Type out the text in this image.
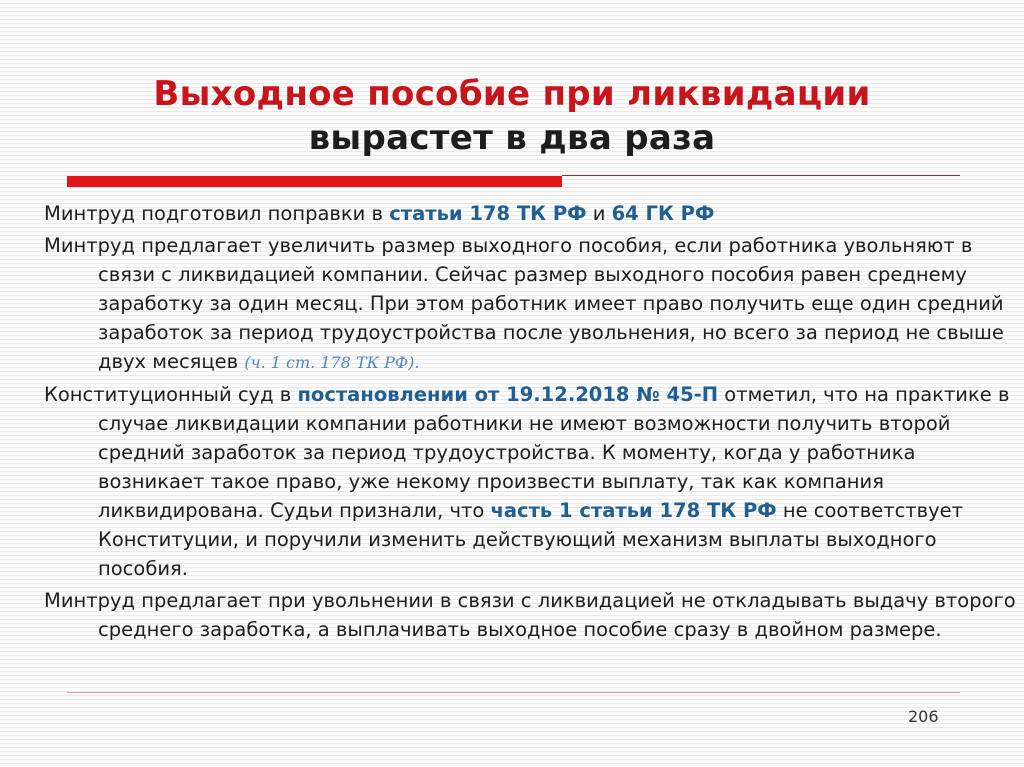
Выходное пособие при ликвидации
вырастет в два раза

Минтруд подготовил поправки в статьи 178 ТК РФ и 64 ГК РФ

Минтруд предлагает увеличить размер выходного пособия, если работника увольняют в связи с ликвидацией компании. Сейчас размер выходного пособия равен среднему заработку за один месяц. При этом работник имеет право получить еще один средний заработок за период трудоустройства после увольнения, но всего за период не свыше двух месяцев (ч. 1 ст. 178 ТК РФ).

Конституционный суд в постановлении от 19.12.2018 № 45-П отметил, что на практике в случае ликвидации компании работники не имеют возможности получить второй средний заработок за период трудоустройства. К моменту, когда у работника возникает такое право, уже некому произвести выплату, так как компания ликвидирована. Судьи признали, что часть 1 статьи 178 ТК РФ не соответствует Конституции, и поручили изменить действующий механизм выплаты выходного пособия.

Минтруд предлагает при увольнении в связи с ликвидацией не откладывать выдачу второго среднего заработка, а выплачивать выходное пособие сразу в двойном размере.

206
